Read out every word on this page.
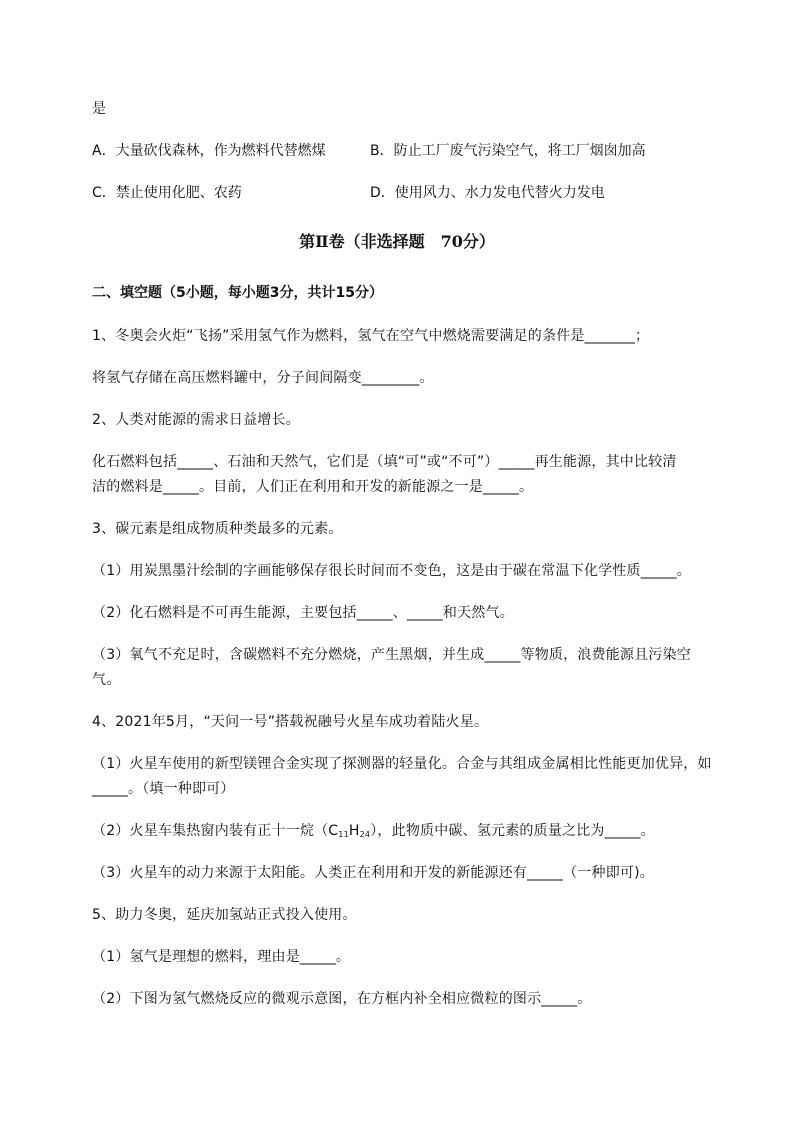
是
A．大量砍伐森林，作为燃料代替燃煤	B．防止工厂废气污染空气，将工厂烟囱加高
C．禁止使用化肥、农药	D．使用风力、水力发电代替火力发电
第Ⅱ卷（非选择题　70分）
二、填空题（5小题，每小题3分，共计15分）
1、冬奥会火炬“飞扬”采用氢气作为燃料，氢气在空气中燃烧需要满足的条件是_______；
将氢气存储在高压燃料罐中，分子间间隔变________。
2、人类对能源的需求日益增长。
化石燃料包括_____、石油和天然气，它们是（填“可”或“不可”）_____再生能源，其中比较清
洁的燃料是_____。目前，人们正在利用和开发的新能源之一是_____。
3、碳元素是组成物质种类最多的元素。
（1）用炭黑墨汁绘制的字画能够保存很长时间而不变色，这是由于碳在常温下化学性质_____。
（2）化石燃料是不可再生能源，主要包括_____、_____和天然气。
（3）氧气不充足时，含碳燃料不充分燃烧，产生黑烟，并生成_____等物质，浪费能源且污染空
气。
4、2021年5月，“天问一号”搭载祝融号火星车成功着陆火星。
（1）火星车使用的新型镁锂合金实现了探测器的轻量化。合金与其组成金属相比性能更加优异，如
_____。（填一种即可）
（2）火星车集热窗内装有正十一烷$(C_{11}H_{24})$，此物质中碳、氢元素的质量之比为_____。
（3）火星车的动力来源于太阳能。人类正在利用和开发的新能源还有_____（一种即可)。
5、助力冬奥，延庆加氢站正式投入使用。
（1）氢气是理想的燃料，理由是_____。
（2）下图为氢气燃烧反应的微观示意图，在方框内补全相应微粒的图示_____。
